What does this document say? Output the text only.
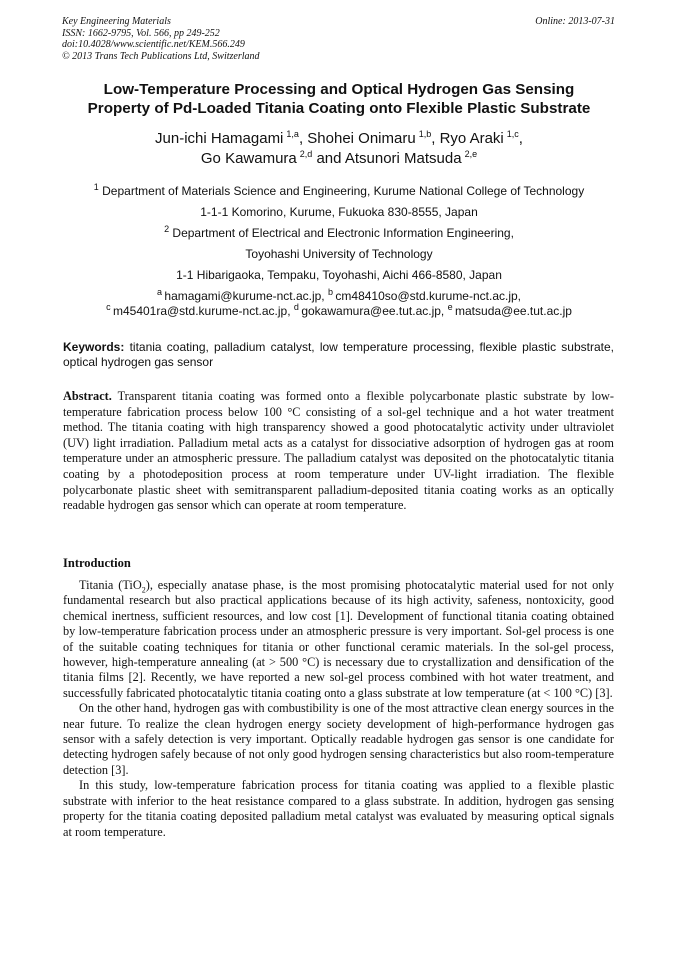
Key Engineering Materials
ISSN: 1662-9795, Vol. 566, pp 249-252
doi:10.4028/www.scientific.net/KEM.566.249
© 2013 Trans Tech Publications Ltd, Switzerland
Online: 2013-07-31
Low-Temperature Processing and Optical Hydrogen Gas Sensing
Property of Pd-Loaded Titania Coating onto Flexible Plastic Substrate
Jun-ichi Hamagami  $^{1,a}$, Shohei Onimaru  $^{1,b}$, Ryo Araki  $^{1,c}$,
Go Kawamura  $^{2,d}$ and Atsunori Matsuda  $^{2,e}$
$^1$ Department of Materials Science and Engineering, Kurume National College of Technology
1-1-1 Komorino, Kurume, Fukuoka 830-8555, Japan
$^2$ Department of Electrical and Electronic Information Engineering,
Toyohashi University of Technology
1-1 Hibarigaoka, Tempaku, Toyohashi, Aichi 466-8580, Japan
$^a$  hamagami@kurume-nct.ac.jp, $^b$  cm48410so@std.kurume-nct.ac.jp,
$^c$  m45401ra@std.kurume-nct.ac.jp, $^d$  gokawamura@ee.tut.ac.jp, $^e$  matsuda@ee.tut.ac.jp
Keywords: titania coating, palladium catalyst, low temperature processing, flexible plastic substrate, optical hydrogen gas sensor
Abstract. Transparent titania coating was formed onto a flexible polycarbonate plastic substrate by low-temperature fabrication process below 100 °C consisting of a sol-gel technique and a hot water treatment method. The titania coating with high transparency showed a good photocatalytic activity under ultraviolet (UV) light irradiation. Palladium metal acts as a catalyst for dissociative adsorption of hydrogen gas at room temperature under an atmospheric pressure. The palladium catalyst was deposited on the photocatalytic titania coating by a photodeposition process at room temperature under UV-light irradiation. The flexible polycarbonate plastic sheet with semitransparent palladium-deposited titania coating works as an optically readable hydrogen gas sensor which can operate at room temperature.
Introduction

Titania (TiO$_2$), especially anatase phase, is the most promising photocatalytic material used for not only fundamental research but also practical applications because of its high activity, safeness, nontoxicity, good chemical inertness, sufficient resources, and low cost [1]. Development of functional titania coating obtained by low-temperature fabrication process under an atmospheric pressure is very important. Sol-gel process is one of the suitable coating techniques for titania or other functional ceramic materials. In the sol-gel process, however, high-temperature annealing (at > 500 °C) is necessary due to crystallization and densification of the titania films [2]. Recently, we have reported a new sol-gel process combined with hot water treatment, and successfully fabricated photocatalytic titania coating onto a glass substrate at low temperature (at < 100 °C) [3].

On the other hand, hydrogen gas with combustibility is one of the most attractive clean energy sources in the near future. To realize the clean hydrogen energy society development of high-performance hydrogen gas sensor with a safely detection is very important. Optically readable hydrogen gas sensor is one candidate for detecting hydrogen safely because of not only good hydrogen sensing characteristics but also room-temperature detection [3].

In this study, low-temperature fabrication process for titania coating was applied to a flexible plastic substrate with inferior to the heat resistance compared to a glass substrate. In addition, hydrogen gas sensing property for the titania coating deposited palladium metal catalyst was evaluated by measuring optical signals at room temperature.
